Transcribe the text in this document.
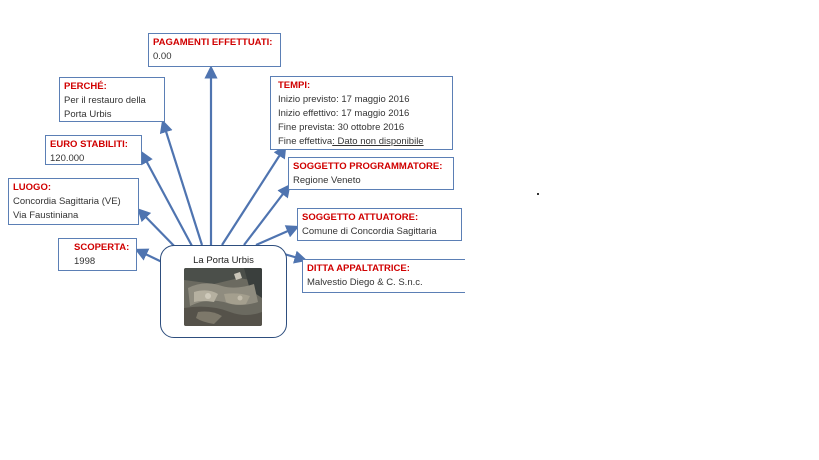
PAGAMENTI EFFETTUATI:
0.00
PERCHÉ:
Per il restauro della
Porta Urbis
EURO STABILITI:
120.000
LUOGO:
Concordia Sagittaria (VE)
Via Faustiniana
SCOPERTA:
1998
TEMPI:
Inizio previsto: 17 maggio 2016
Inizio effettivo: 17 maggio 2016
Fine prevista: 30 ottobre 2016
Fine effettiva: Dato non disponibile
SOGGETTO PROGRAMMATORE:
Regione Veneto
SOGGETTO ATTUATORE:
Comune di Concordia Sagittaria
DITTA APPALTATRICE:
Malvestio Diego & C. S.n.c.
La Porta Urbis
